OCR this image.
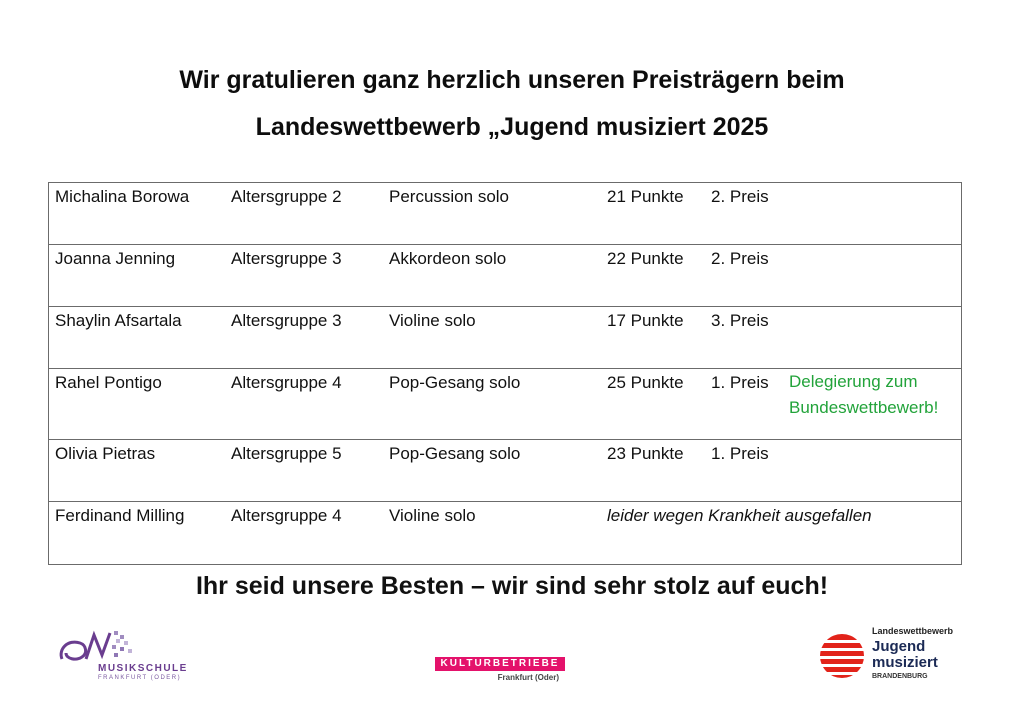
Wir gratulieren ganz herzlich unseren Preisträgern beim
Landeswettbewerb „Jugend musiziert 2025
Michalina Borowa Altersgruppe 2	Percussion solo	21 Punkte 2. Preis
Joanna Jenning	Altersgruppe 3	Akkordeon solo	22 Punkte 2. Preis
Shaylin Afsartala	Altersgruppe 3	Violine solo	17 Punkte 3. Preis
Rahel Pontigo	Altersgruppe 4	Pop-Gesang solo	25 Punkte 1. Preis Delegierung zum Bundeswettbewerb!
Olivia Pietras	Altersgruppe 5	Pop-Gesang solo	23 Punkte 1. Preis
Ferdinand Milling	Altersgruppe 4	Violine solo	leider wegen Krankheit ausgefallen
Ihr seid unsere Besten – wir sind sehr stolz auf euch!
MUSIKSCHULE
FRANKFURT (ODER)
KULTURBETRIEBE
Frankfurt (Oder)
Landeswettbewerb
Jugend
musiziert
BRANDENBURG
